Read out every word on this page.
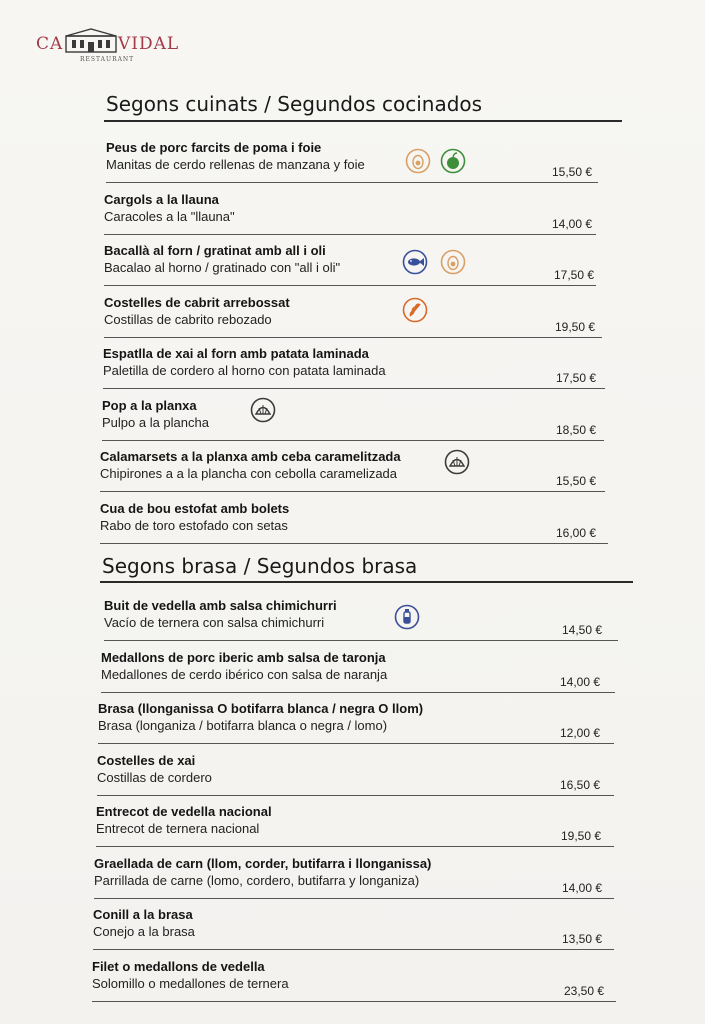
CA	VIDAL
RESTAURANT
Segons cuinats / Segundos cocinados
Peus de porc farcits de poma i foie
Manitas de cerdo rellenas de manzana y foie	15,50 €
Cargols a la llauna
Caracoles a la "llauna"	14,00 €
Bacallà al forn / gratinat amb all i oli
Bacalao al horno / gratinado con "all i oli"	17,50 €
Costelles de cabrit arrebossat
Costillas de cabrito rebozado	19,50 €
Espatlla de xai al forn amb patata laminada
Paletilla de cordero al horno con patata laminada	17,50 €
Pop a la planxa
Pulpo a la plancha	18,50 €
Calamarsets a la planxa amb ceba caramelitzada
Chipirones a a la plancha con cebolla caramelizada	15,50 €
Cua de bou estofat amb bolets
Rabo de toro estofado con setas	16,00 €
Segons brasa / Segundos brasa
Buit de vedella amb salsa chimichurri
Vacío de ternera con salsa chimichurri	14,50 €
Medallons de porc iberic amb salsa de taronja
Medallones de cerdo ibérico con salsa de naranja	14,00 €
Brasa (llonganissa O botifarra blanca / negra O llom)
Brasa (longaniza / botifarra blanca o negra / lomo)	12,00 €
Costelles de xai
Costillas de cordero	16,50 €
Entrecot de vedella nacional
Entrecot de ternera nacional	19,50 €
Graellada de carn (llom, corder, butifarra i llonganissa)
Parrillada de carne (lomo, cordero, butifarra y longaniza)	14,00 €
Conill a la brasa
Conejo a la brasa	13,50 €
Filet o medallons de vedella
Solomillo o medallones de ternera	23,50 €
